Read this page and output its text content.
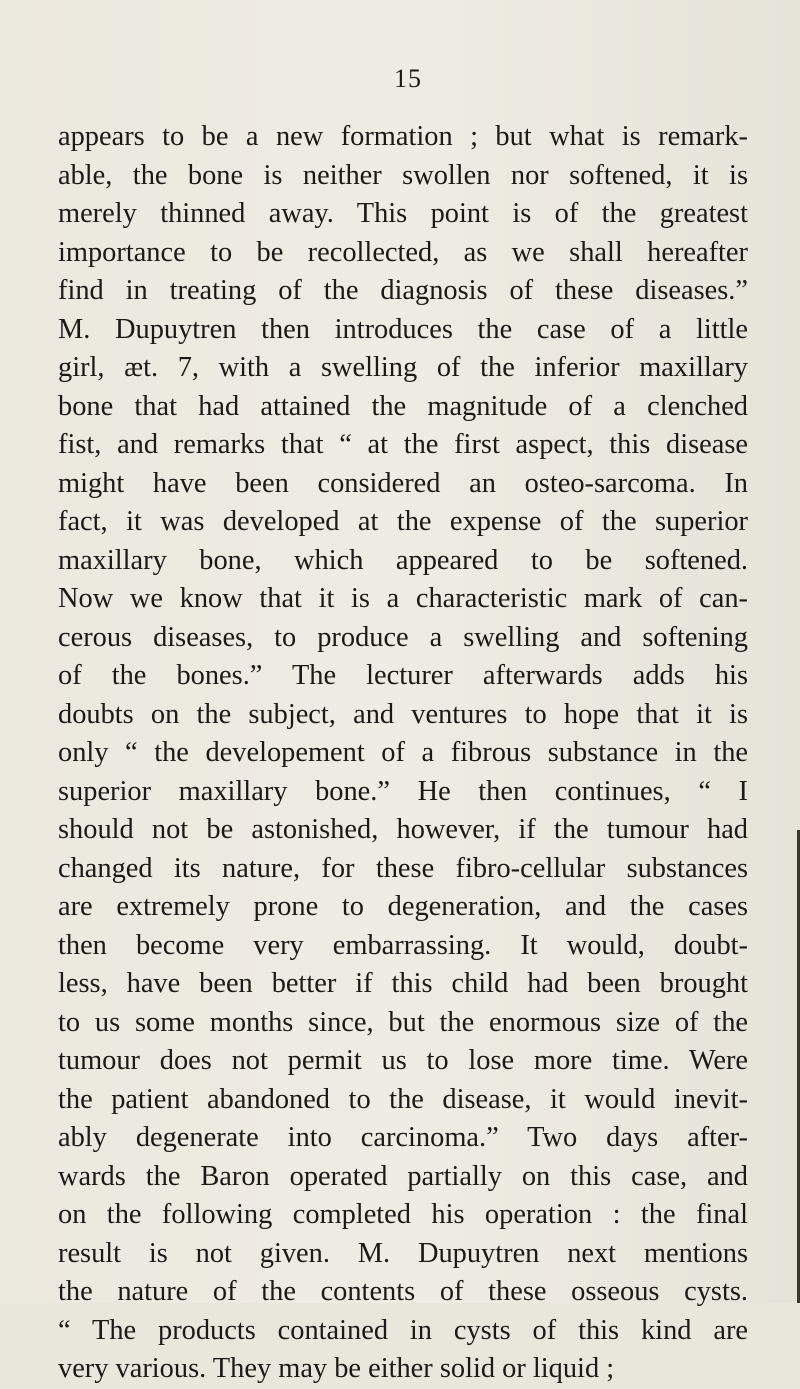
15
appears to be a new formation ; but what is remark-
able, the bone is neither swollen nor softened, it is
merely thinned away. This point is of the greatest
importance to be recollected, as we shall hereafter
find in treating of the diagnosis of these diseases.”
M. Dupuytren then introduces the case of a little
girl, æt. 7, with a swelling of the inferior maxillary
bone that had attained the magnitude of a clenched
fist, and remarks that “ at the first aspect, this disease
might have been considered an osteo-sarcoma. In
fact, it was developed at the expense of the superior
maxillary bone, which appeared to be softened.
Now we know that it is a characteristic mark of can-
cerous diseases, to produce a swelling and softening
of the bones.” The lecturer afterwards adds his
doubts on the subject, and ventures to hope that it is
only “ the developement of a fibrous substance in the
superior maxillary bone.” He then continues, “ I
should not be astonished, however, if the tumour had
changed its nature, for these fibro-cellular substances
are extremely prone to degeneration, and the cases
then become very embarrassing. It would, doubt-
less, have been better if this child had been brought
to us some months since, but the enormous size of the
tumour does not permit us to lose more time. Were
the patient abandoned to the disease, it would inevit-
ably degenerate into carcinoma.” Two days after-
wards the Baron operated partially on this case, and
on the following completed his operation : the final
result is not given. M. Dupuytren next mentions
the nature of the contents of these osseous cysts.
“ The products contained in cysts of this kind are
very various. They may be either solid or liquid ;
